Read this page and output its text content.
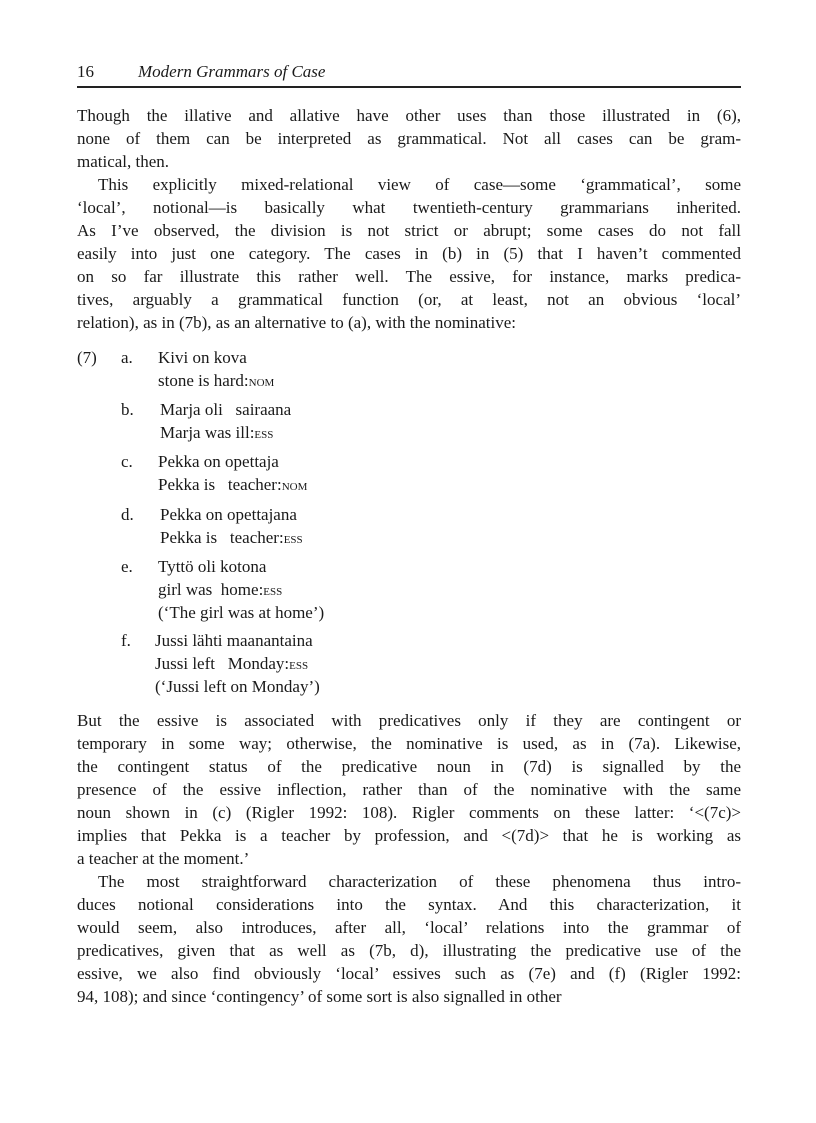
16	Modern Grammars of Case
Though the illative and allative have other uses than those illustrated in (6),
none of them can be interpreted as grammatical. Not all cases can be gram-
matical, then.
This explicitly mixed-relational view of case—some ‘grammatical’, some
‘local’, notional—is basically what twentieth-century grammarians inherited.
As I’ve observed, the division is not strict or abrupt; some cases do not fall
easily into just one category. The cases in (b) in (5) that I haven’t commented
on so far illustrate this rather well. The essive, for instance, marks predica-
tives, arguably a grammatical function (or, at least, not an obvious ‘local’
relation), as in (7b), as an alternative to (a), with the nominative:
(7) a. Kivi on kova
stone is hard:nom
b. Marja oli   sairaana
Marja was ill:ess
c. Pekka on opettaja
Pekka is   teacher:nom
d. Pekka on opettajana
Pekka is   teacher:ess
e. Tyttö oli kotona
girl was  home:ess
(‘The girl was at home’)
f. Jussi lähti maanantaina
Jussi left   Monday:ess
(‘Jussi left on Monday’)
But the essive is associated with predicatives only if they are contingent or
temporary in some way; otherwise, the nominative is used, as in (7a). Likewise,
the contingent status of the predicative noun in (7d) is signalled by the
presence of the essive inflection, rather than of the nominative with the same
noun shown in (c) (Rigler 1992: 108). Rigler comments on these latter: ‘<(7c)>
implies that Pekka is a teacher by profession, and <(7d)> that he is working as
a teacher at the moment.’
The most straightforward characterization of these phenomena thus intro-
duces notional considerations into the syntax. And this characterization, it
would seem, also introduces, after all, ‘local’ relations into the grammar of
predicatives, given that as well as (7b, d), illustrating the predicative use of the
essive, we also find obviously ‘local’ essives such as (7e) and (f) (Rigler 1992:
94, 108); and since ‘contingency’ of some sort is also signalled in other
